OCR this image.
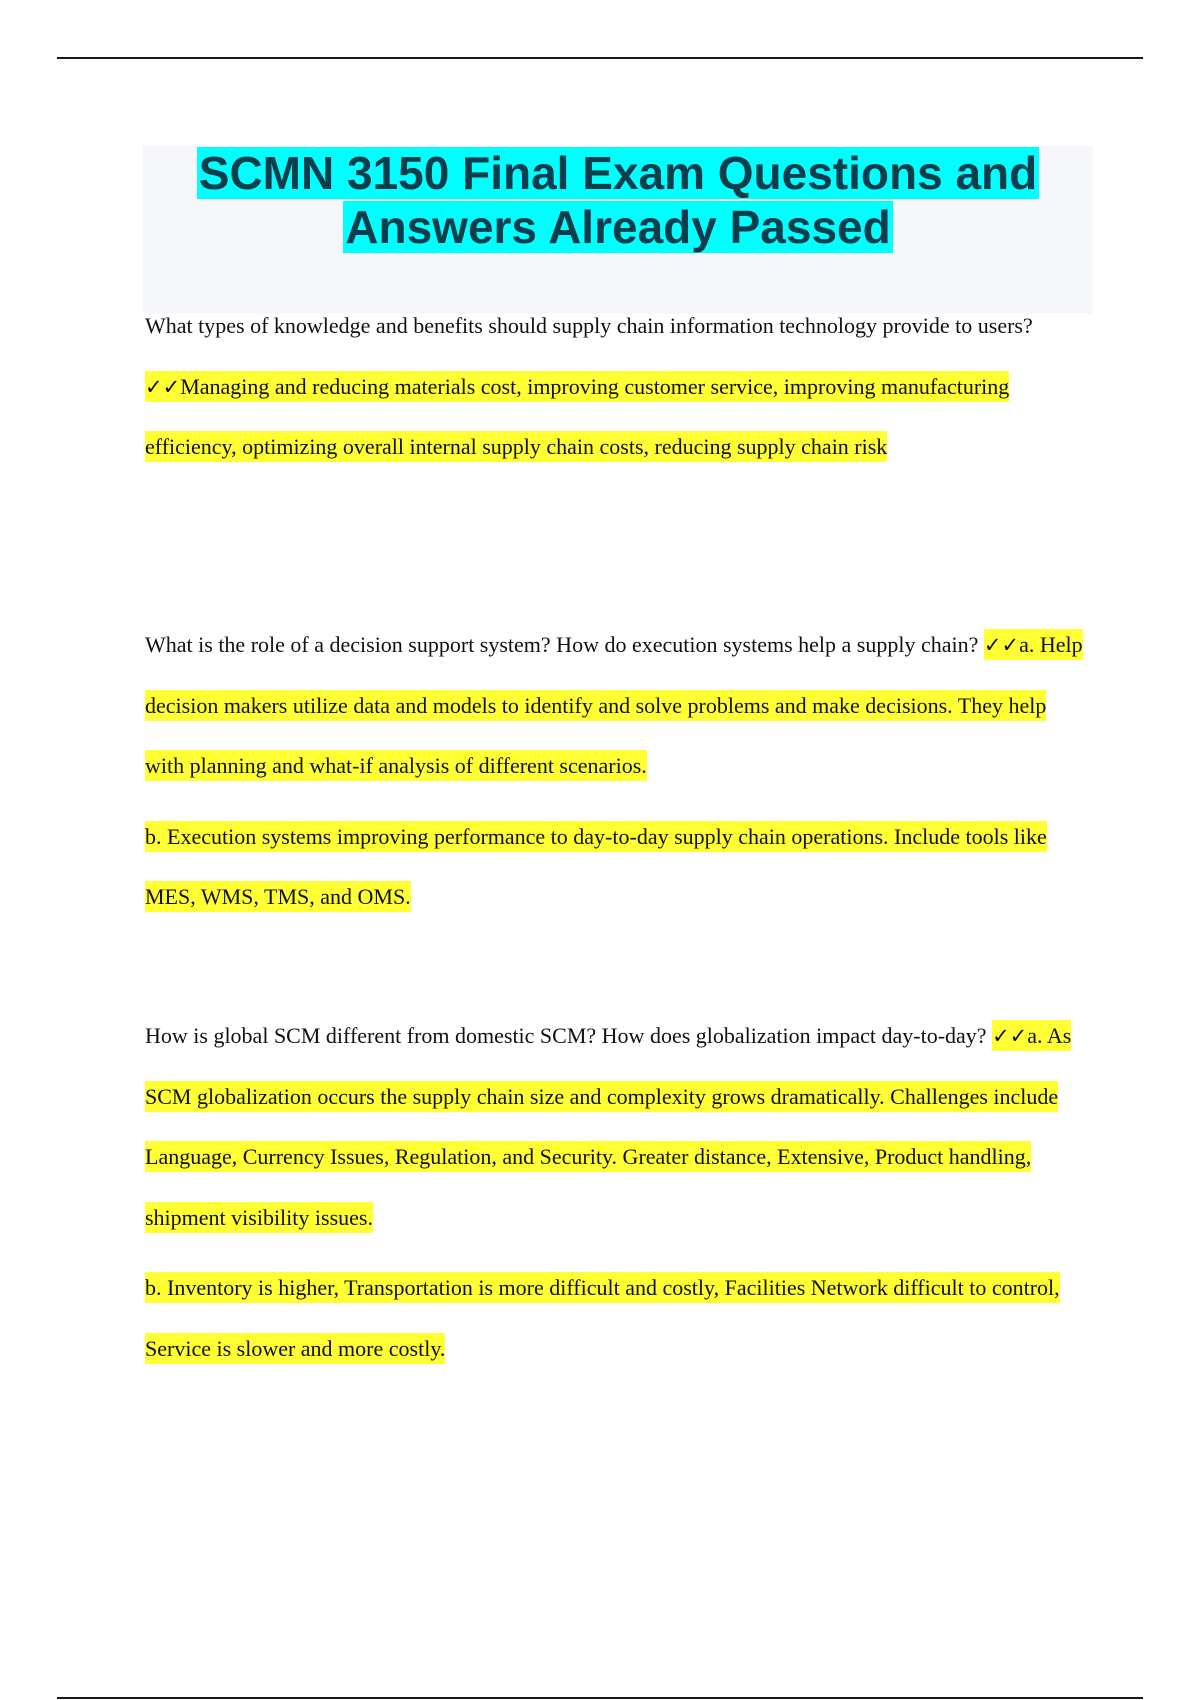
SCMN 3150 Final Exam Questions and Answers Already Passed

What types of knowledge and benefits should supply chain information technology provide to users? ✓✓Managing and reducing materials cost, improving customer service, improving manufacturing efficiency, optimizing overall internal supply chain costs, reducing supply chain risk

What is the role of a decision support system? How do execution systems help a supply chain? ✓✓a. Help decision makers utilize data and models to identify and solve problems and make decisions. They help with planning and what-if analysis of different scenarios.

b. Execution systems improving performance to day-to-day supply chain operations. Include tools like MES, WMS, TMS, and OMS.

How is global SCM different from domestic SCM? How does globalization impact day-to-day? ✓✓a. As SCM globalization occurs the supply chain size and complexity grows dramatically. Challenges include Language, Currency Issues, Regulation, and Security. Greater distance, Extensive, Product handling, shipment visibility issues.

b. Inventory is higher, Transportation is more difficult and costly, Facilities Network difficult to control, Service is slower and more costly.
